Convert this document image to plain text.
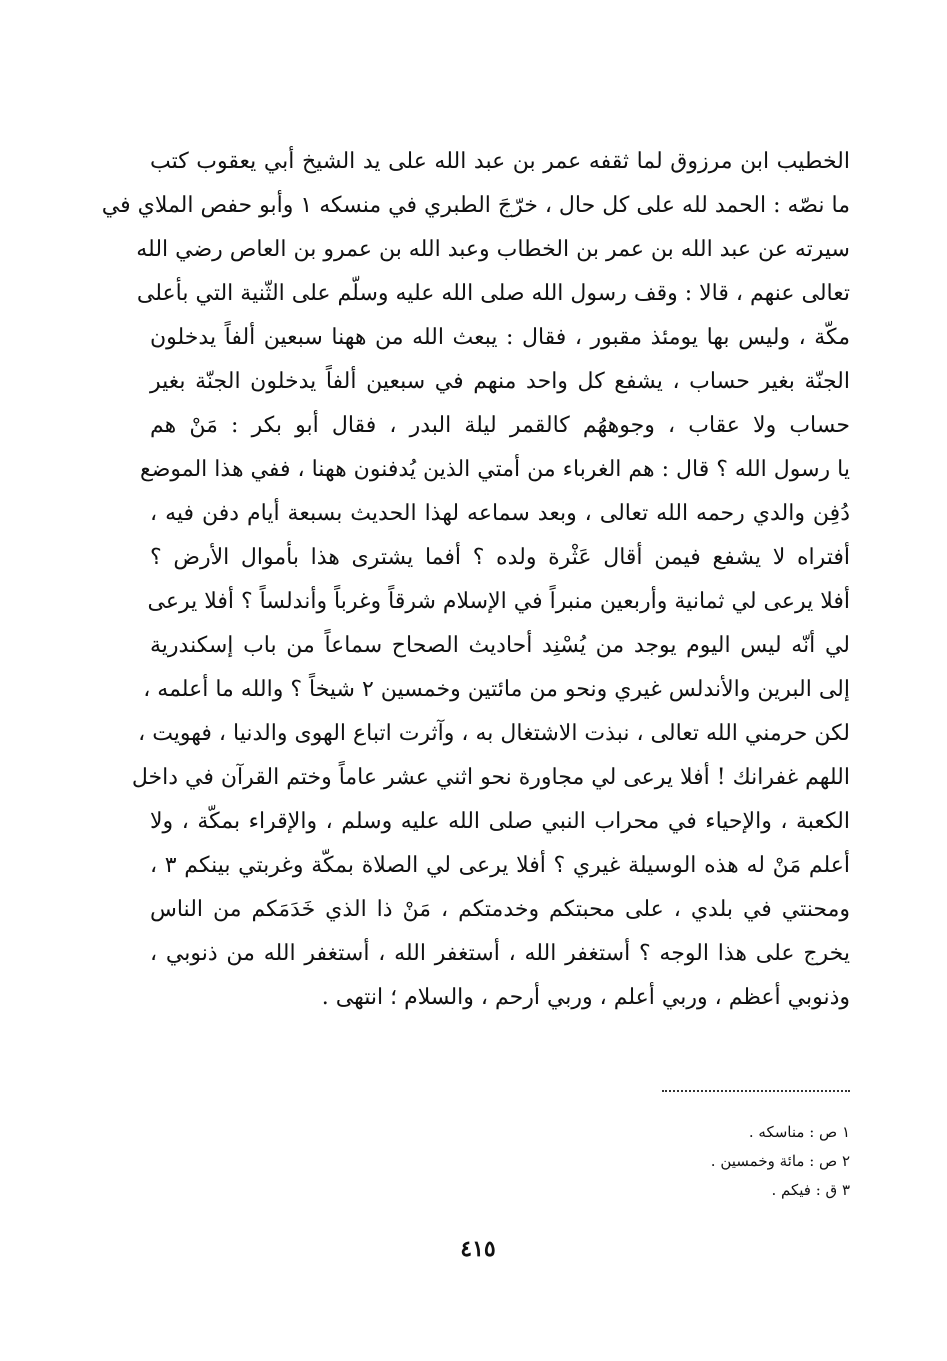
الخطيب ابن مرزوق لما ثقفه عمر بن عبد الله على يد الشيخ أبي يعقوب كتب
ما نصّه : الحمد لله على كل حال ، خرّجَ الطبري في منسكه ١ وأبو حفص الملاي في
سيرته عن عبد الله بن عمر بن الخطاب وعبد الله بن عمرو بن العاص رضي الله
تعالى عنهم ، قالا : وقف رسول الله صلى الله عليه وسلّم على الثّنية التي بأعلى
مكّة ، وليس بها يومئذ مقبور ، فقال : يبعث الله من ههنا سبعين ألفاً يدخلون
الجنّة بغير حساب ، يشفع كل واحد منهم في سبعين ألفاً يدخلون الجنّة بغير
حساب ولا عقاب ، وجوههُم كالقمر ليلة البدر ، فقال أبو بكر : مَنْ هم
يا رسول الله ؟ قال : هم الغرباء من أمتي الذين يُدفنون ههنا ، ففي هذا الموضع
دُفِن والدي رحمه الله تعالى ، وبعد سماعه لهذا الحديث بسبعة أيام دفن فيه ،
أفتراه لا يشفع فيمن أقال عَثْرة ولده ؟ أفما يشترى هذا بأموال الأرض ؟
أفلا يرعى لي ثمانية وأربعين منبراً في الإسلام شرقاً وغرباً وأندلساً ؟ أفلا يرعى
لي أنّه ليس اليوم يوجد من يُسْنِد أحاديث الصحاح سماعاً من باب إسكندرية
إلى البرين والأندلس غيري ونحو من مائتين وخمسين ٢ شيخاً ؟ والله ما أعلمه ،
لكن حرمني الله تعالى ، نبذت الاشتغال به ، وآثرت اتباع الهوى والدنيا ، فهويت ،
اللهم غفرانك ! أفلا يرعى لي مجاورة نحو اثني عشر عاماً وختم القرآن في داخل
الكعبة ، والإحياء في محراب النبي صلى الله عليه وسلم ، والإقراء بمكّة ، ولا
أعلم مَنْ له هذه الوسيلة غيري ؟ أفلا يرعى لي الصلاة بمكّة وغربتي بينكم ٣ ،
ومحنتي في بلدي ، على محبتكم وخدمتكم ، مَنْ ذا الذي خَدَمَكم من الناس
يخرج على هذا الوجه ؟ أستغفر الله ، أستغفر الله ، أستغفر الله من ذنوبي ،
وذنوبي أعظم ، وربي أعلم ، وربي أرحم ، والسلام ؛ انتهى .
١ ص : مناسكه .
٢ ص : مائة وخمسين .
٣ ق : فيكم .
٤١٥
